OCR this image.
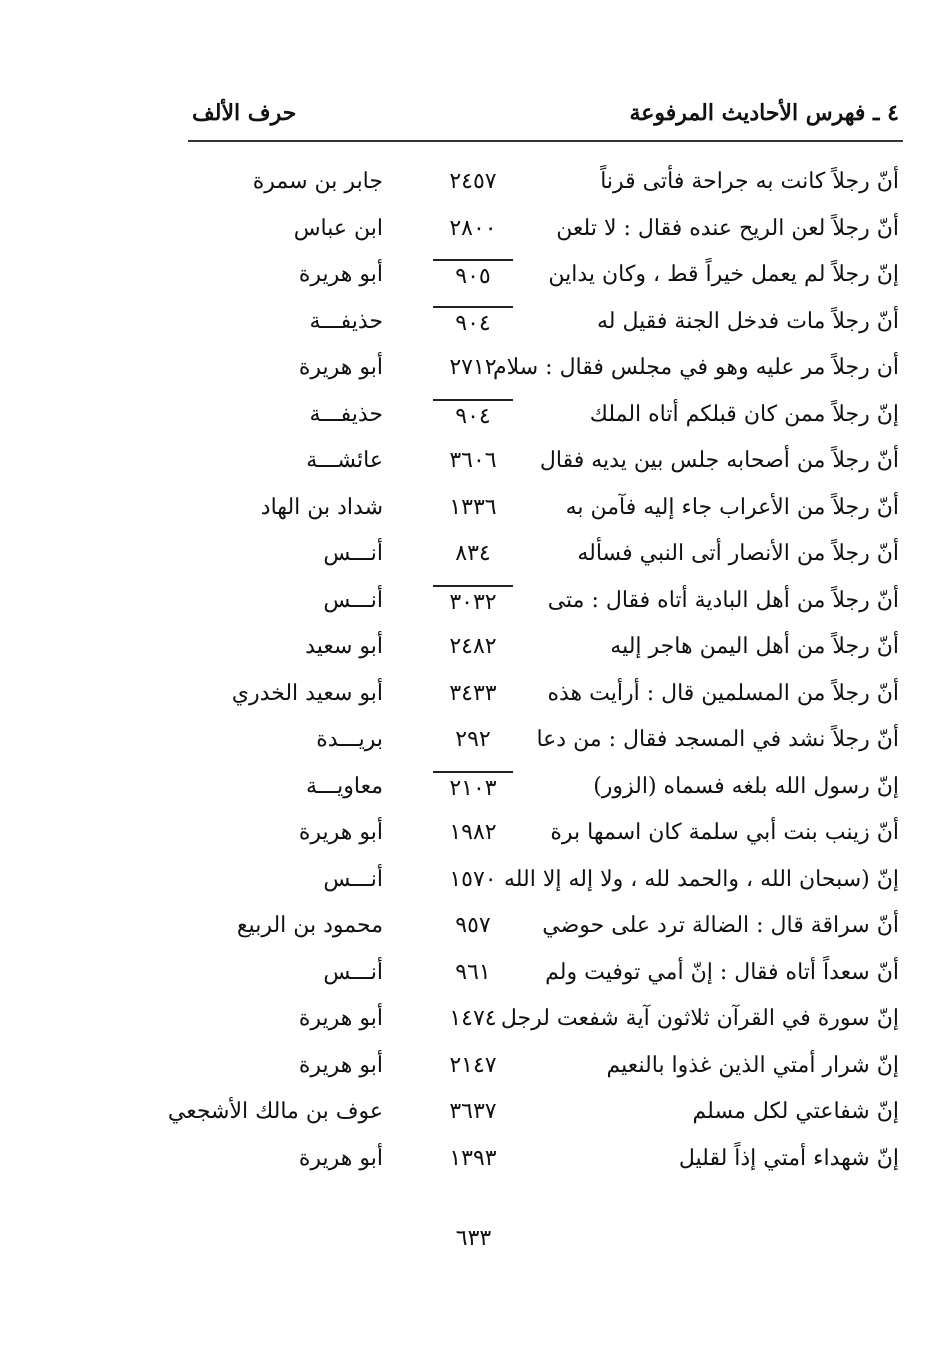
٤ ـ فهرس الأحاديث المرفوعة
حرف الألف
أنّ رجلاً كانت به جراحة فأتى قرناً
٢٤٥٧
جابر بن سمرة
أنّ رجلاً لعن الريح عنده فقال : لا تلعن
٢٨٠٠
ابن عباس
إنّ رجلاً لم يعمل خيراً قط ، وكان يداين
٩٠٥
أبو هريرة
أنّ رجلاً مات فدخل الجنة فقيل له
٩٠٤
حذيفـــة
أن رجلاً مر عليه وهو في مجلس فقال : سلام
٢٧١٢
أبو هريرة
إنّ رجلاً ممن كان قبلكم أتاه الملك
٩٠٤
حذيفـــة
أنّ رجلاً من أصحابه جلس بين يديه فقال
٣٦٠٦
عائشـــة
أنّ رجلاً من الأعراب جاء إليه فآمن به
١٣٣٦
شداد بن الهاد
أنّ رجلاً من الأنصار أتى النبي فسأله
٨٣٤
أنـــس
أنّ رجلاً من أهل البادية أتاه فقال : متى
٣٠٣٢
أنـــس
أنّ رجلاً من أهل اليمن هاجر إليه
٢٤٨٢
أبو سعيد
أنّ رجلاً من المسلمين قال : أرأيت هذه
٣٤٣٣
أبو سعيد الخدري
أنّ رجلاً نشد في المسجد فقال : من دعا
٢٩٢
بريـــدة
إنّ رسول الله بلغه فسماه (الزور)
٢١٠٣
معاويـــة
أنّ زينب بنت أبي سلمة كان اسمها برة
١٩٨٢
أبو هريرة
إنّ (سبحان الله ، والحمد لله ، ولا إله إلا الله
١٥٧٠
أنـــس
أنّ سراقة قال : الضالة ترد على حوضي
٩٥٧
محمود بن الربيع
أنّ سعداً أتاه فقال : إنّ أمي توفيت ولم
٩٦١
أنـــس
إنّ سورة في القرآن ثلاثون آية شفعت لرجل
١٤٧٤
أبو هريرة
إنّ شرار أمتي الذين غذوا بالنعيم
٢١٤٧
أبو هريرة
إنّ شفاعتي لكل مسلم
٣٦٣٧
عوف بن مالك الأشجعي
إنّ شهداء أمتي إذاً لقليل
١٣٩٣
أبو هريرة
٦٣٣
